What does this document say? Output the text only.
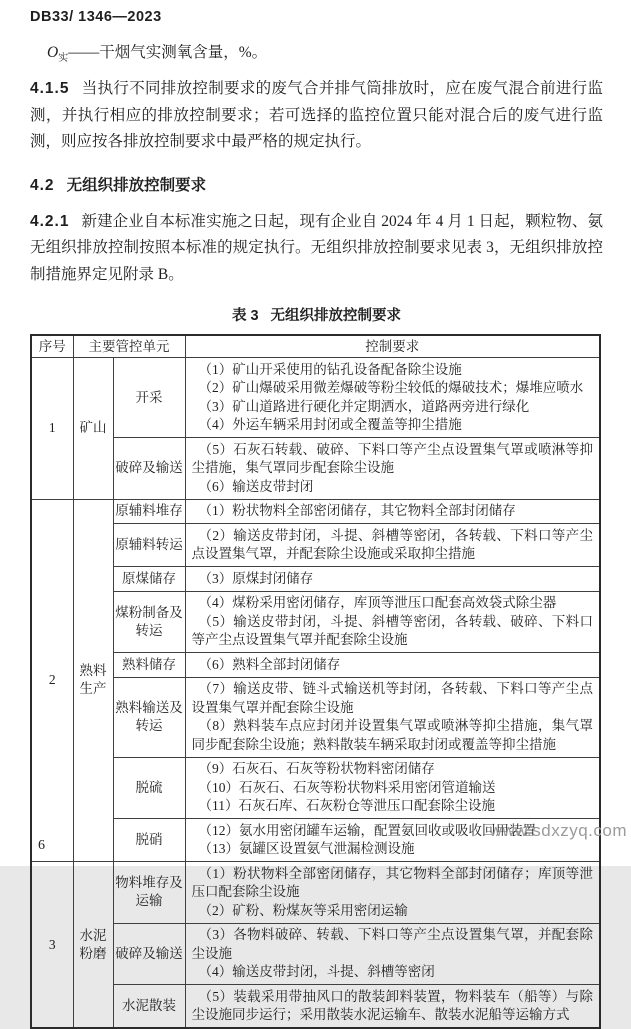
DB33/ 1346—2023

$O_实——$干烟气实测氧含量，%。

4.1.5 当执行不同排放控制要求的废气合并排气筒排放时，应在废气混合前进行监测，并执行相应的排放控制要求；若可选择的监控位置只能对混合后的废气进行监测，则应按各排放控制要求中最严格的规定执行。

4.2 无组织排放控制要求

4.2.1 新建企业自本标准实施之日起，现有企业自 2024 年 4 月 1 日起，颗粒物、氨无组织排放控制按照本标准的规定执行。无组织排放控制要求见表 3，无组织排放控制措施界定见附录 B。

表 3 无组织排放控制要求
序号	主要管控单元		控制要求
1	矿山	开采	（1）矿山开采使用的钻孔设备配备除尘设施
（2）矿山爆破采用微差爆破等粉尘较低的爆破技术；爆堆应喷水
（3）矿山道路进行硬化并定期洒水，道路两旁进行绿化
（4）外运车辆采用封闭或全覆盖等抑尘措施

		破碎及输送	（5）石灰石转载、破碎、下料口等产尘点设置集气罩或喷淋等抑尘措施，集气罩同步配套除尘设施
（6）输送皮带封闭

2	熟料生产	原辅料堆存	（1）粉状物料全部密闭储存，其它物料全部封闭储存

		原辅料转运	（2）输送皮带封闭，斗提、斜槽等密闭，各转载、下料口等产尘点设置集气罩，并配套除尘设施或采取抑尘措施

		原煤储存	（3）原煤封闭储存

		煤粉制备及转运	（4）煤粉采用密闭储存，库顶等泄压口配套高效袋式除尘器
（5）输送皮带封闭，斗提、斜槽等密闭，各转载、破碎、下料口等产尘点设置集气罩并配套除尘设施

		熟料储存	（6）熟料全部封闭储存

		熟料输送及转运	（7）输送皮带、链斗式输送机等封闭，各转载、下料口等产尘点设置集气罩并配套除尘设施
（8）熟料装车点应封闭并设置集气罩或喷淋等抑尘措施，集气罩同步配套除尘设施；熟料散装车辆采取封闭或覆盖等抑尘措施

		脱硫	（9）石灰石、石灰等粉状物料密闭储存
（10）石灰石、石灰等粉状物料采用密闭管道输送
（11）石灰石库、石灰粉仓等泄压口配套除尘设施

		脱硝	（12）氨水用密闭罐车运输，配置氨回收或吸收回用装置
（13）氨罐区设置氨气泄漏检测设施

3	水泥粉磨	物料堆存及运输	（1）粉状物料全部密闭储存，其它物料全部封闭储存；库顶等泄压口配套除尘设施
（2）矿粉、粉煤灰等采用密闭运输

		破碎及输送	（3）各物料破碎、转载、下料口等产尘点设置集气罩，并配套除尘设施
（4）输送皮带封闭，斗提、斜槽等密闭

		水泥散装	（5）装载采用带抽风口的散装卸料装置，物料装车（船等）与除尘设施同步运行；采用散装水泥运输车、散装水泥船等运输方式
www.sdxzyq.com
6
